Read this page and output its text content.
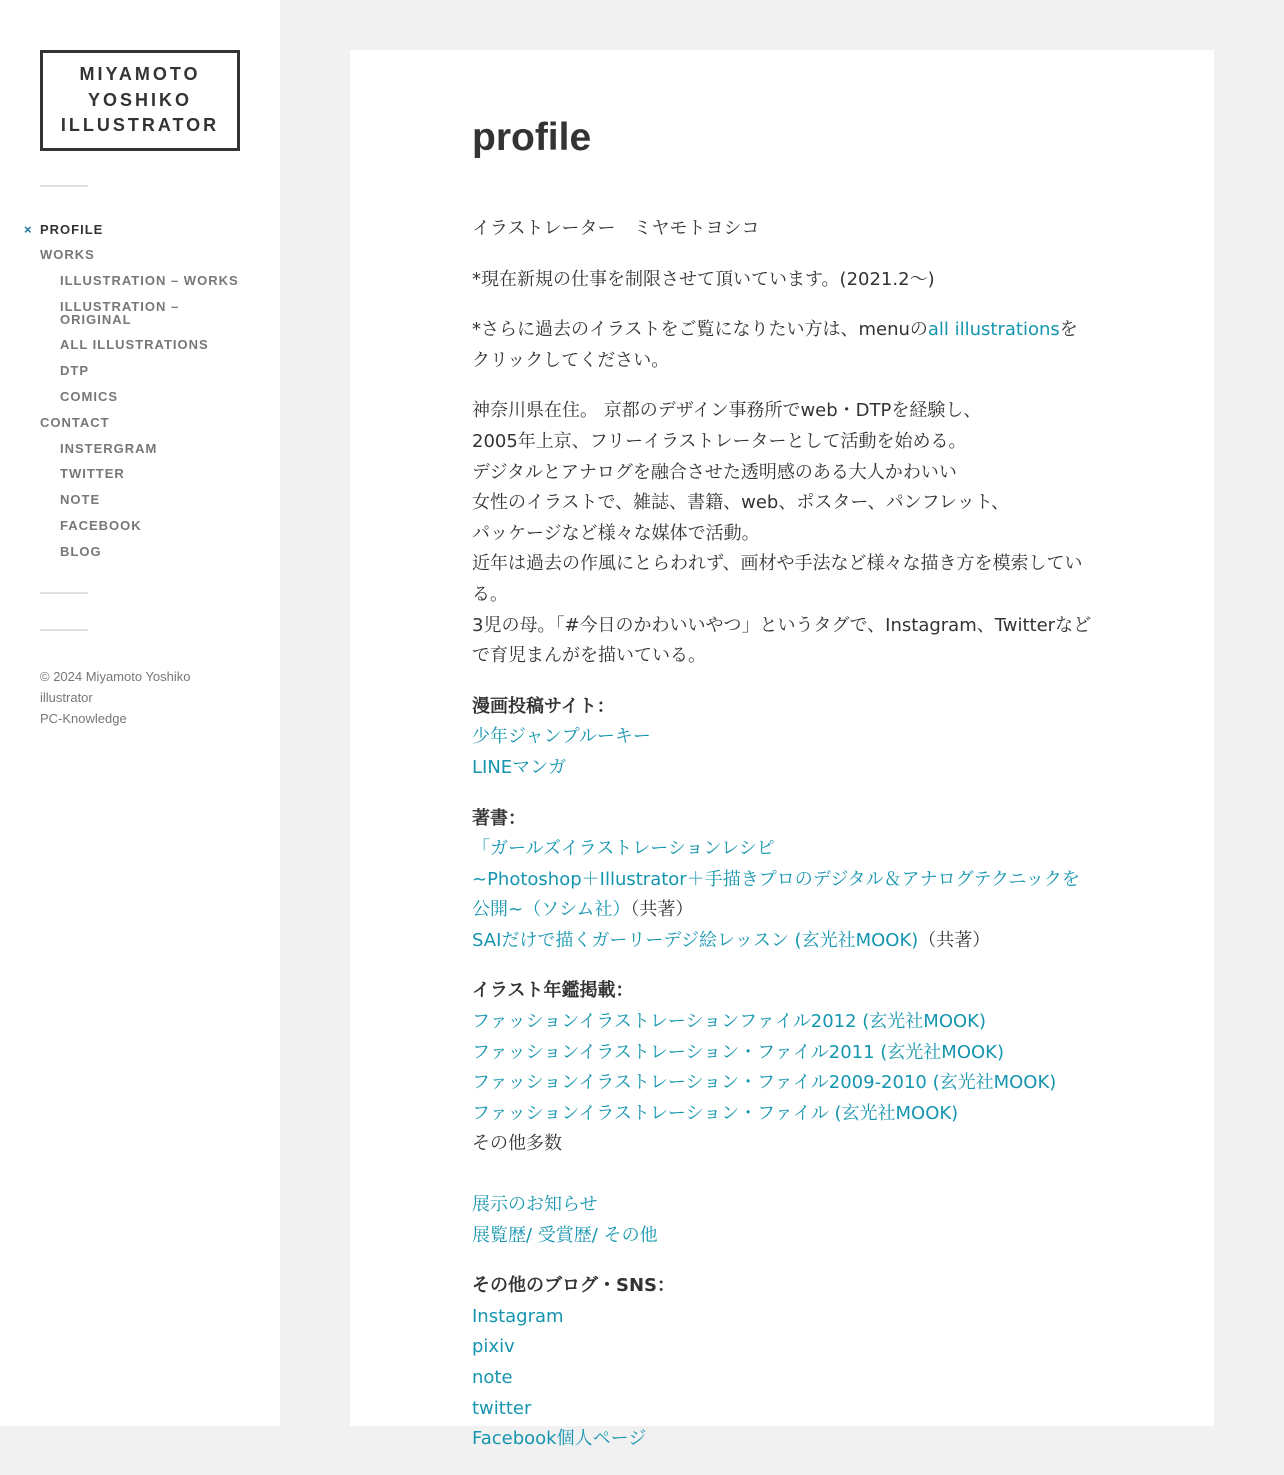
MIYAMOTO
YOSHIKO
ILLUSTRATOR
× PROFILE
WORKS
ILLUSTRATION – WORKS
ILLUSTRATION – ORIGINAL
ALL ILLUSTRATIONS
DTP
COMICS
CONTACT
INSTERGRAM
TWITTER
NOTE
FACEBOOK
BLOG
© 2024 Miyamoto Yoshiko illustrator
PC-Knowledge
profile

イラストレーター　ミヤモトヨシコ

*現在新規の仕事を制限させて頂いています。(2021.2〜)

*さらに過去のイラストをご覧になりたい方は、menuのall illustrationsをクリックしてください。

神奈川県在住。 京都のデザイン事務所でweb・DTPを経験し、
2005年上京、フリーイラストレーターとして活動を始める。
デジタルとアナログを融合させた透明感のある大人かわいい
女性のイラストで、雑誌、書籍、web、ポスター、パンフレット、
パッケージなど様々な媒体で活動。
近年は過去の作風にとらわれず、画材や手法など様々な描き方を模索している。
3児の母。「#今日のかわいいやつ」というタグで、Instagram、Twitterなどで育児まんがを描いている。

漫画投稿サイト：
少年ジャンプルーキー
LINEマンガ

著書：
「ガールズイラストレーションレシピ
~Photoshop＋Illustrator＋手描きプロのデジタル＆アナログテクニックを公開~（ソシム社）（共著）
SAIだけで描くガーリーデジ絵レッスン (玄光社MOOK)（共著）

イラスト年鑑掲載：
ファッションイラストレーションファイル2012 (玄光社MOOK)
ファッションイラストレーション・ファイル2011 (玄光社MOOK)
ファッションイラストレーション・ファイル2009-2010 (玄光社MOOK)
ファッションイラストレーション・ファイル (玄光社MOOK)
その他多数

展示のお知らせ
展覧歴/ 受賞歴/ その他

その他のブログ・SNS：
Instagram
pixiv
note
twitter
Facebook個人ページ
